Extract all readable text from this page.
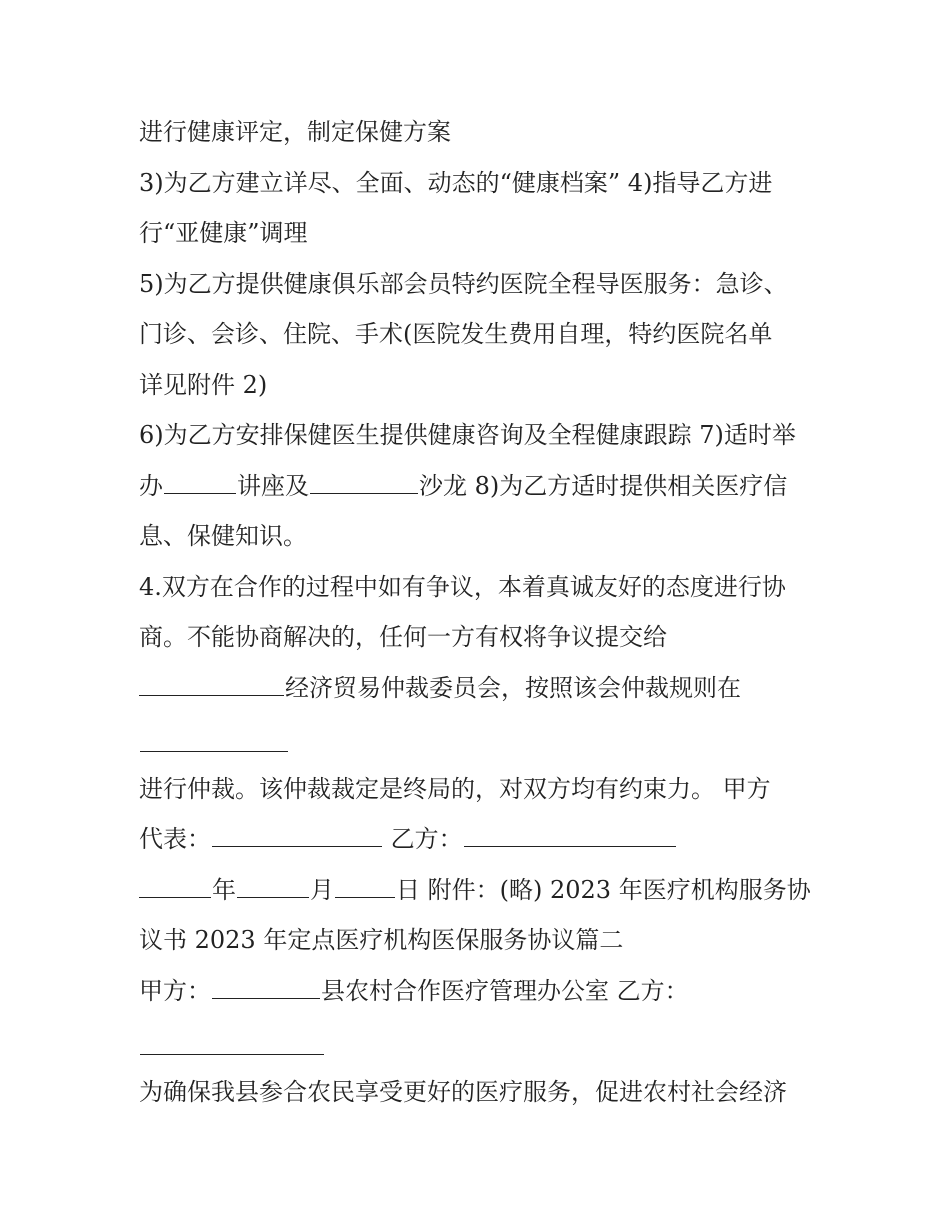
进行健康评定，制定保健方案
3)为乙方建立详尽、全面、动态的“健康档案” 4)指导乙方进
行“亚健康”调理
5)为乙方提供健康俱乐部会员特约医院全程导医服务：急诊、
门诊、会诊、住院、手术(医院发生费用自理，特约医院名单
详见附件 2)
6)为乙方安排保健医生提供健康咨询及全程健康跟踪 7)适时举
办	讲座及	沙龙 8)为乙方适时提供相关医疗信
息、保健知识。
4.双方在合作的过程中如有争议，本着真诚友好的态度进行协
商。不能协商解决的，任何一方有权将争议提交给
经济贸易仲裁委员会，按照该会仲裁规则在
进行仲裁。该仲裁裁定是终局的，对双方均有约束力。 甲方
代表：	乙方：
年	月	日 附件：(略) 2023 年医疗机构服务协
议书 2023 年定点医疗机构医保服务协议篇二
甲方：	县农村合作医疗管理办公室 乙方：
为确保我县参合农民享受更好的医疗服务，促进农村社会经济
